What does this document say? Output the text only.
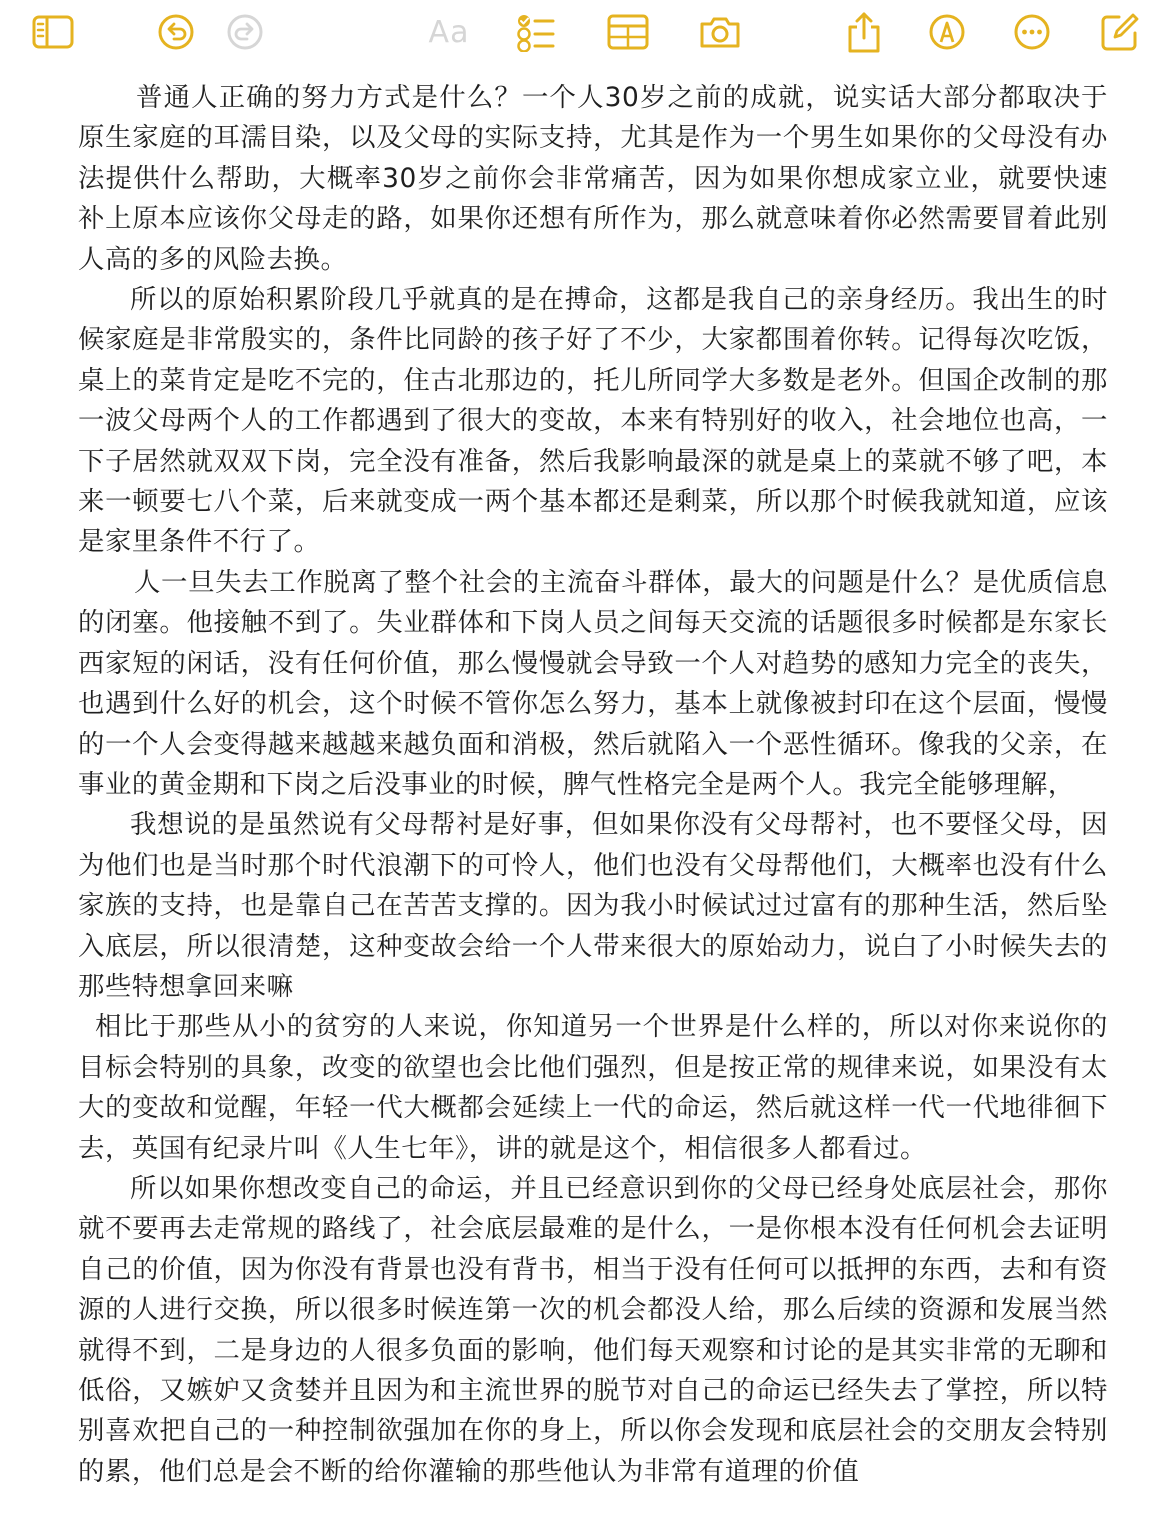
Aa

普通人正确的努力方式是什么？一个人30岁之前的成就，说实话大部分都取决于原生家庭的耳濡目染，以及父母的实际支持，尤其是作为一个男生如果你的父母没有办法提供什么帮助，大概率30岁之前你会非常痛苦，因为如果你想成家立业，就要快速补上原本应该你父母走的路，如果你还想有所作为，那么就意味着你必然需要冒着此别人高的多的风险去换。

所以的原始积累阶段几乎就真的是在搏命，这都是我自己的亲身经历。我出生的时候家庭是非常殷实的，条件比同龄的孩子好了不少，大家都围着你转。记得每次吃饭，桌上的菜肯定是吃不完的，住古北那边的，托儿所同学大多数是老外。但国企改制的那一波父母两个人的工作都遇到了很大的变故，本来有特别好的收入，社会地位也高，一下子居然就双双下岗，完全没有准备，然后我影响最深的就是桌上的菜就不够了吧，本来一顿要七八个菜，后来就变成一两个基本都还是剩菜，所以那个时候我就知道，应该是家里条件不行了。

人一旦失去工作脱离了整个社会的主流奋斗群体，最大的问题是什么？是优质信息的闭塞。他接触不到了。失业群体和下岗人员之间每天交流的话题很多时候都是东家长西家短的闲话，没有任何价值，那么慢慢就会导致一个人对趋势的感知力完全的丧失，也遇到什么好的机会，这个时候不管你怎么努力，基本上就像被封印在这个层面，慢慢的一个人会变得越来越越来越负面和消极，然后就陷入一个恶性循环。像我的父亲，在事业的黄金期和下岗之后没事业的时候，脾气性格完全是两个人。我完全能够理解，

我想说的是虽然说有父母帮衬是好事，但如果你没有父母帮衬，也不要怪父母，因为他们也是当时那个时代浪潮下的可怜人，他们也没有父母帮他们，大概率也没有什么家族的支持，也是靠自己在苦苦支撑的。因为我小时候试过过富有的那种生活，然后坠入底层，所以很清楚，这种变故会给一个人带来很大的原始动力，说白了小时候失去的那些特想拿回来嘛

相比于那些从小的贫穷的人来说，你知道另一个世界是什么样的，所以对你来说你的目标会特别的具象，改变的欲望也会比他们强烈，但是按正常的规律来说，如果没有太大的变故和觉醒，年轻一代大概都会延续上一代的命运，然后就这样一代一代地徘徊下去，英国有纪录片叫《人生七年》，讲的就是这个，相信很多人都看过。

所以如果你想改变自己的命运，并且已经意识到你的父母已经身处底层社会，那你就不要再去走常规的路线了，社会底层最难的是什么，一是你根本没有任何机会去证明自己的价值，因为你没有背景也没有背书，相当于没有任何可以抵押的东西，去和有资源的人进行交换，所以很多时候连第一次的机会都没人给，那么后续的资源和发展当然就得不到，二是身边的人很多负面的影响，他们每天观察和讨论的是其实非常的无聊和低俗，又嫉妒又贪婪并且因为和主流世界的脱节对自己的命运已经失去了掌控，所以特别喜欢把自己的一种控制欲强加在你的身上，所以你会发现和底层社会的交朋友会特别的累，他们总是会不断的给你灌输的那些他认为非常有道理的价值
